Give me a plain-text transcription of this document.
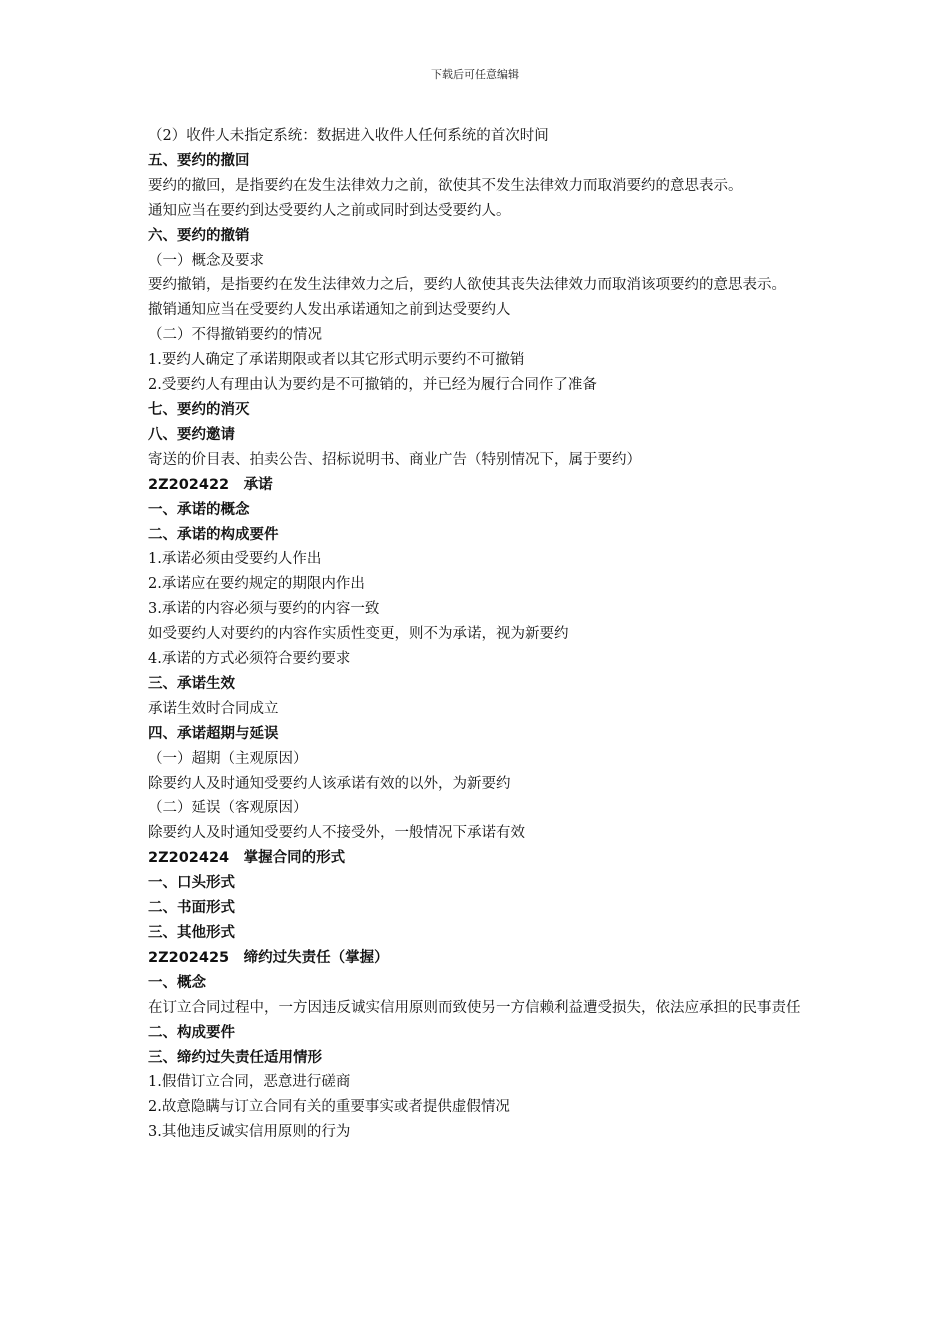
下载后可任意编辑
（2）收件人未指定系统：数据进入收件人任何系统的首次时间
五、要约的撤回
要约的撤回，是指要约在发生法律效力之前，欲使其不发生法律效力而取消要约的意思表示。
通知应当在要约到达受要约人之前或同时到达受要约人。
六、要约的撤销
（一）概念及要求
要约撤销，是指要约在发生法律效力之后，要约人欲使其丧失法律效力而取消该项要约的意思表示。
撤销通知应当在受要约人发出承诺通知之前到达受要约人
（二）不得撤销要约的情况
1.要约人确定了承诺期限或者以其它形式明示要约不可撤销
2.受要约人有理由认为要约是不可撤销的，并已经为履行合同作了准备
七、要约的消灭
八、要约邀请
寄送的价目表、拍卖公告、招标说明书、商业广告（特别情况下，属于要约）
2Z202422　承诺
一、承诺的概念
二、承诺的构成要件
1.承诺必须由受要约人作出
2.承诺应在要约规定的期限内作出
3.承诺的内容必须与要约的内容一致
如受要约人对要约的内容作实质性变更，则不为承诺，视为新要约
4.承诺的方式必须符合要约要求
三、承诺生效
承诺生效时合同成立
四、承诺超期与延误
（一）超期（主观原因）
除要约人及时通知受要约人该承诺有效的以外，为新要约
（二）延误（客观原因）
除要约人及时通知受要约人不接受外，一般情况下承诺有效
2Z202424　掌握合同的形式
一、口头形式
二、书面形式
三、其他形式
2Z202425　缔约过失责任（掌握）
一、概念
在订立合同过程中，一方因违反诚实信用原则而致使另一方信赖利益遭受损失，依法应承担的民事责任
二、构成要件
三、缔约过失责任适用情形
1.假借订立合同，恶意进行磋商
2.故意隐瞒与订立合同有关的重要事实或者提供虚假情况
3.其他违反诚实信用原则的行为
